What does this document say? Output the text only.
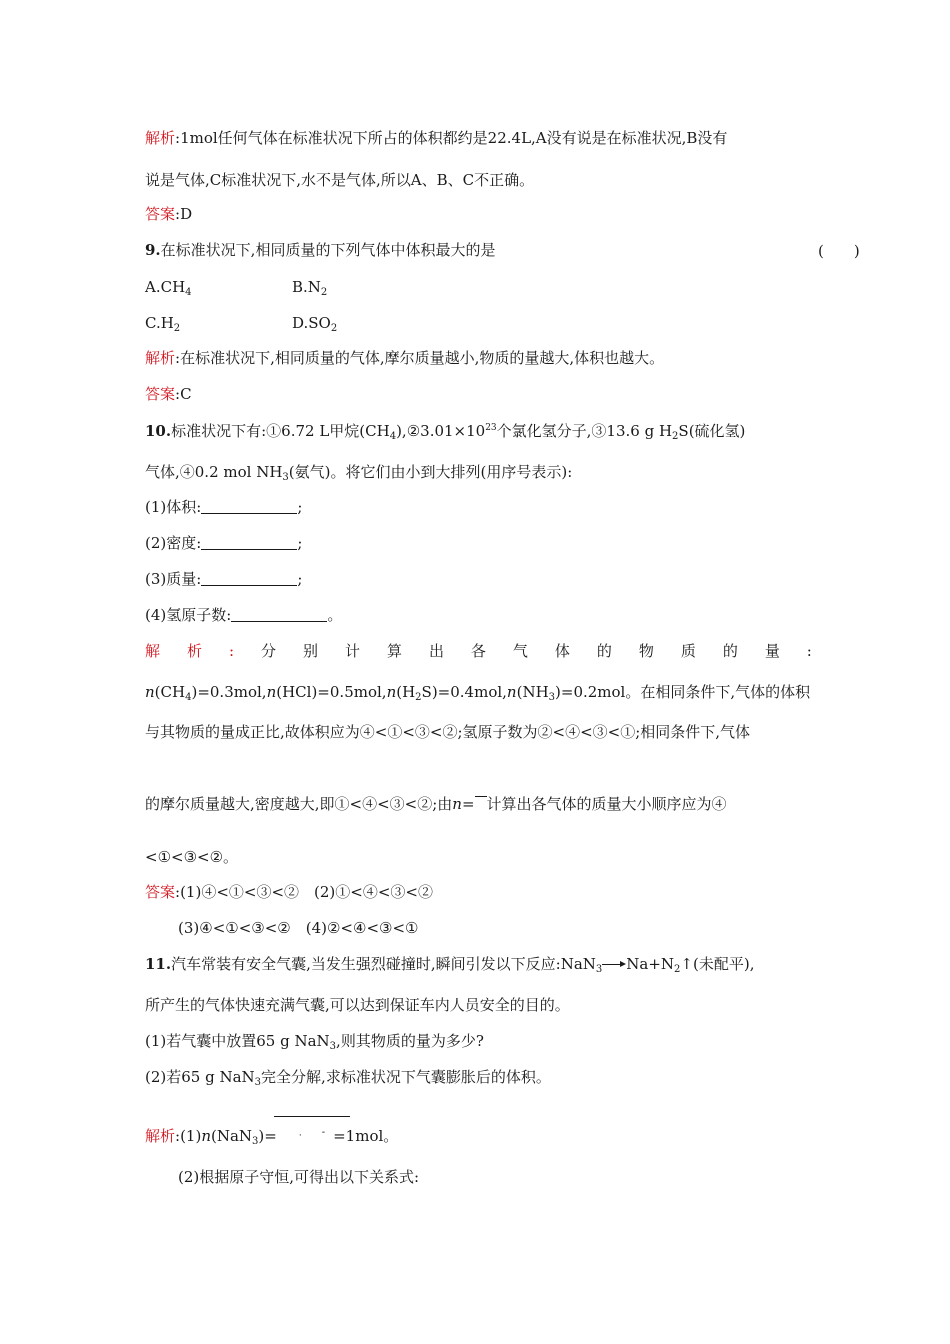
解析:1mol任何气体在标准状况下所占的体积都约是22.4L,A没有说是在标准状况,B没有
说是气体,C标准状况下,水不是气体,所以A、B、C不正确。
答案:D
9.在标准状况下,相同质量的下列气体中体积最大的是	(　　)
$A.CH_4$	$B.N_2$
$C.H_2$	$D.SO_2$
解析:在标准状况下,相同质量的气体,摩尔质量越小,物质的量越大,体积也越大。
答案:C
10.标准状况下有:①6.72 L甲烷$(CH_4),②3.01\times 10^{23}$个氯化氢分子,③13.6 g $H_2S$(硫化氢)
气体,④0.2 mol $NH_3$(氨气)。将它们由小到大排列(用序号表示):
(1)体积:	;
(2)密度:	;
(3)质量:	;
(4)氢原子数:	。
解 析 : 分 别 计 算 出 各 气 体 的 物 质 的 量 :
$n(CH_4)=0.3mol,n(HCl)=0.5mol,n(H_2S)=0.4mol,n(NH_3)=0.2mol$。在相同条件下,气体的体积
与其物质的量成正比,故体积应为④<①<③<②;氢原子数为②<④<③<①;相同条件下,气体
的摩尔质量越大,密度越大,即①<④<③<②;由n= 计算出各气体的质量大小顺序应为④
<①<③<②。
答案:(1)④<①<③<②　(2)①<④<③<②
(3)④<①<③<②　(4)②<④<③<①
11.汽车常装有安全气囊,当发生强烈碰撞时,瞬间引发以下反应:NaN$_3$ $Na+N_2↑$(未配平),
所产生的气体快速充满气囊,可以达到保证车内人员安全的目的。
(1)若气囊中放置65 g NaN$_3$,则其物质的量为多少?
(2)若65 g NaN$_3$完全分解,求标准状况下气囊膨胀后的体积。
解析:(1)n(NaN$_3$)= · - =1mol。
(2)根据原子守恒,可得出以下关系式:
